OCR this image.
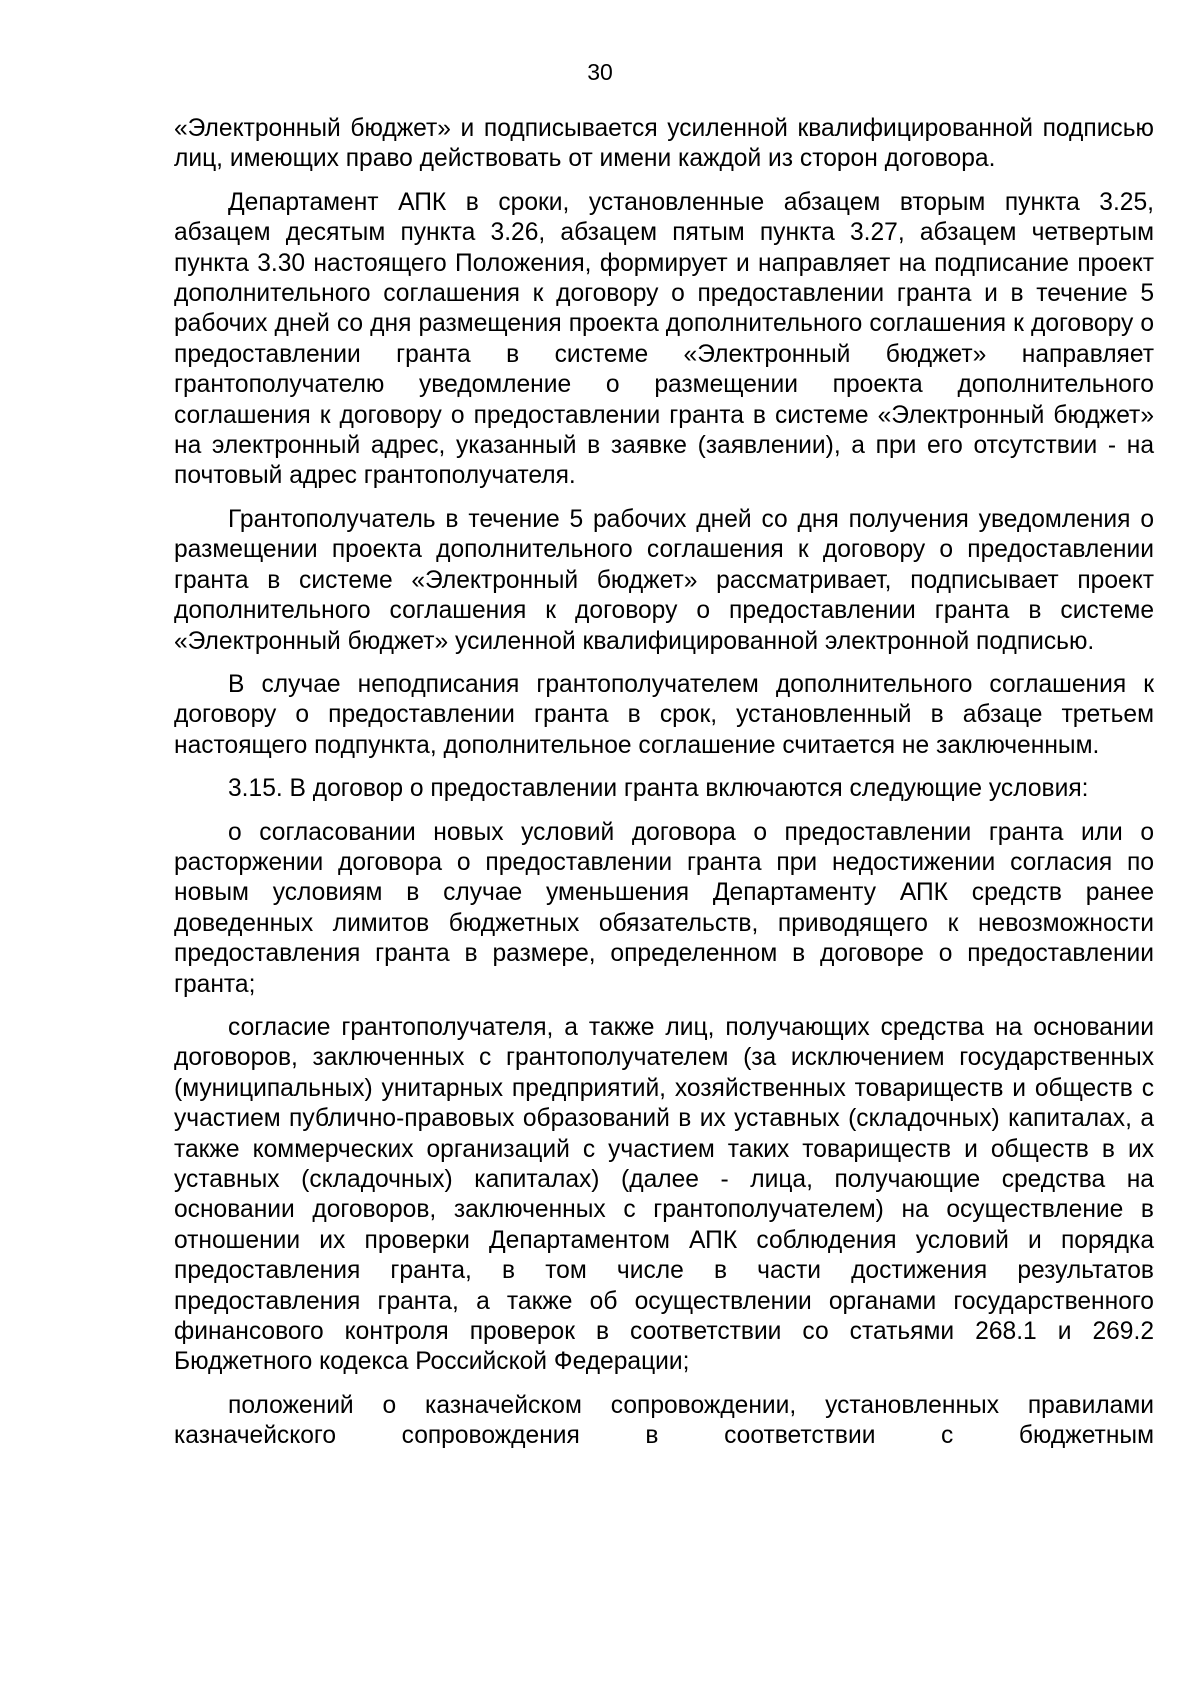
30

«Электронный бюджет» и подписывается усиленной квалифицированной подписью лиц, имеющих право действовать от имени каждой из сторон договора.

Департамент АПК в сроки, установленные абзацем вторым пункта 3.25, абзацем десятым пункта 3.26, абзацем пятым пункта 3.27, абзацем четвертым пункта 3.30 настоящего Положения, формирует и направляет на подписание проект дополнительного соглашения к договору о предоставлении гранта и в течение 5 рабочих дней со дня размещения проекта дополнительного соглашения к договору о предоставлении гранта в системе «Электронный бюджет» направляет грантополучателю уведомление о размещении проекта дополнительного соглашения к договору о предоставлении гранта в системе «Электронный бюджет» на электронный адрес, указанный в заявке (заявлении), а при его отсутствии - на почтовый адрес грантополучателя.

Грантополучатель в течение 5 рабочих дней со дня получения уведомления о размещении проекта дополнительного соглашения к договору о предоставлении гранта в системе «Электронный бюджет» рассматривает, подписывает проект дополнительного соглашения к договору о предоставлении гранта в системе «Электронный бюджет» усиленной квалифицированной электронной подписью.

В случае неподписания грантополучателем дополнительного соглашения к договору о предоставлении гранта в срок, установленный в абзаце третьем настоящего подпункта, дополнительное соглашение считается не заключенным.

3.15. В договор о предоставлении гранта включаются следующие условия:

о согласовании новых условий договора о предоставлении гранта или о расторжении договора о предоставлении гранта при недостижении согласия по новым условиям в случае уменьшения Департаменту АПК средств ранее доведенных лимитов бюджетных обязательств, приводящего к невозможности предоставления гранта в размере, определенном в договоре о предоставлении гранта;

согласие грантополучателя, а также лиц, получающих средства на основании договоров, заключенных с грантополучателем (за исключением государственных (муниципальных) унитарных предприятий, хозяйственных товариществ и обществ с участием публично-правовых образований в их уставных (складочных) капиталах, а также коммерческих организаций с участием таких товариществ и обществ в их уставных (складочных) капиталах) (далее - лица, получающие средства на основании договоров, заключенных с грантополучателем) на осуществление в отношении их проверки Департаментом АПК соблюдения условий и порядка предоставления гранта, в том числе в части достижения результатов предоставления гранта, а также об осуществлении органами государственного финансового контроля проверок в соответствии со статьями 268.1 и 269.2 Бюджетного кодекса Российской Федерации;

положений о казначейском сопровождении, установленных правилами казначейского сопровождения в соответствии с бюджетным
